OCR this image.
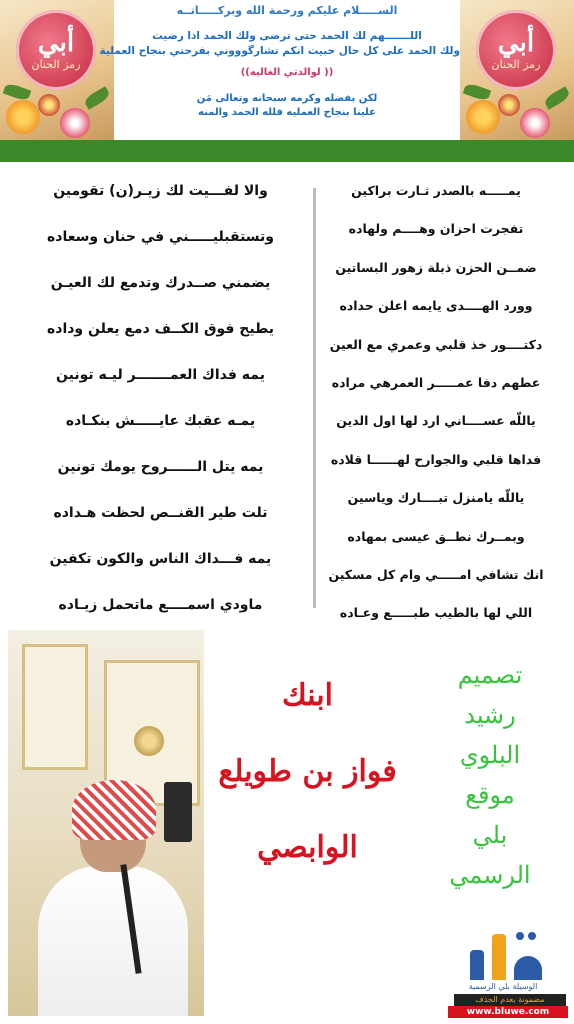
أبي
رمز الحنان

الســـــلام عليكم ورحمة الله وبركـــــاتــه

اللـــــــهم لك الحمد حتى ترضى ولك الحمد اذا رضيت

ولك الحمد على كل حال حبيت انكم تشارگوووني بفرحتي بنجاح العملية

(( لوالدتي الغاليه))

لكن بفضله وكرمه سبحانه وتعالى مَن

علينا بنجاح العمليه فلله الحمد والمنه

أبي
رمز الحنان
يمـــــه بالصدر ثـارت براكين
تفجرت احزان وهــــم ولهاده
ضمــن الحزن ذبلة زهور البساتين
وورد الهــــدى يايمه اعلن حداده
دكتــــور خذ قلبي وعمري مع العين
عطهم دفا عمـــــر العمرهي مراده
ياللّه عســــاني ارد لها اول الدين
فداها قلبي والجوارح لهــــــا قلاده
ياللّه يامنزل تبــــارك وياسين
وبمــرك نطــق عيسى بمهاده
انك تشافي امـــــي وام كل مسكين
اللي لها بالطيب طبـــــع وعـاده
والا لفـــيت لك زيـر(ن) تقومين
وتستقبليـــــني في حنان وسعاده
يضمني صــدرك وتدمع لك العيـن
يطيح فوق الكــف دمع يعلن وداده
يمه فداك العمـــــــر ليـه تونين
يمـه عقبك عايـــــش بنكـاده
يمه يتل الــــــروح يومك تونين
تلت طير القنــص لحظت هـداده
يمه فـــداك الناس والكون تكفين
ماودي اسمــــع ماتحمل زيـاده

ابنك

فواز بن طويلع

الوابصي

تصميم
رشيد
البلوي
موقع
بلي
الرسمي

الوسيلة بلي الرسمية

مضمونة بعدم الحذف
www.bluwe.com
